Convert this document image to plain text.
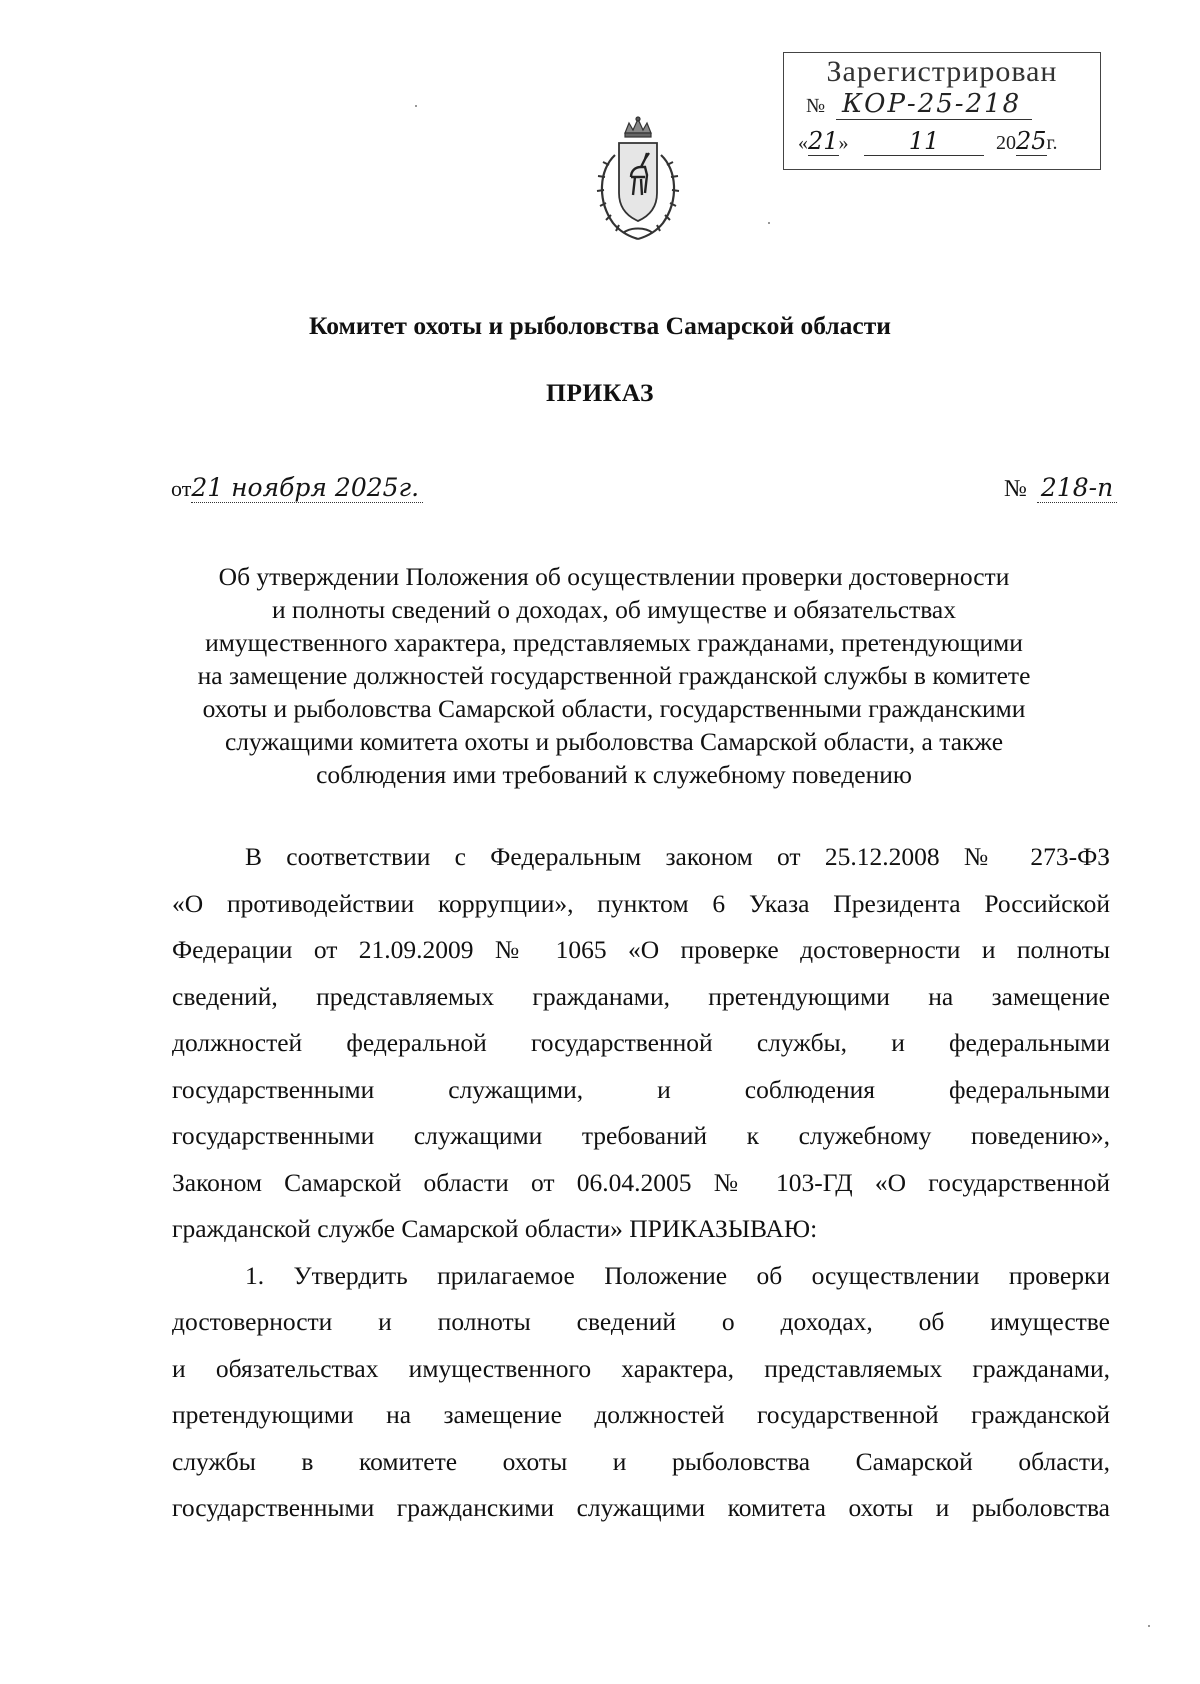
Зарегистрирован
№ КОР-25-218
«21»	11	2025г.
Комитет охоты и рыболовства Самарской области
ПРИКАЗ
от21 ноября 2025г.	№ 218-п

Об утверждении Положения об осуществлении проверки достоверности

и полноты сведений о доходах, об имуществе и обязательствах

имущественного характера, представляемых гражданами, претендующими

на замещение должностей государственной гражданской службы в комитете

охоты и рыболовства Самарской области, государственными гражданскими

служащими комитета охоты и рыболовства Самарской области, а также

соблюдения ими требований к служебному поведению

В соответствии с Федеральным законом от 25.12.2008 № 273-ФЗ
«О противодействии коррупции», пунктом 6 Указа Президента Российской
Федерации от 21.09.2009 № 1065 «О проверке достоверности и полноты
сведений, представляемых гражданами, претендующими на замещение
должностей федеральной государственной службы, и федеральными
государственными служащими, и соблюдения федеральными
государственными служащими требований к служебному поведению»,
Законом Самарской области от 06.04.2005 № 103-ГД «О государственной
гражданской службе Самарской области» ПРИКАЗЫВАЮ:
1. Утвердить прилагаемое Положение об осуществлении проверки
достоверности и полноты сведений о доходах, об имуществе
и обязательствах имущественного характера, представляемых гражданами,
претендующими на замещение должностей государственной гражданской
службы в комитете охоты и рыболовства Самарской области,
государственными гражданскими служащими комитета охоты и рыболовства
